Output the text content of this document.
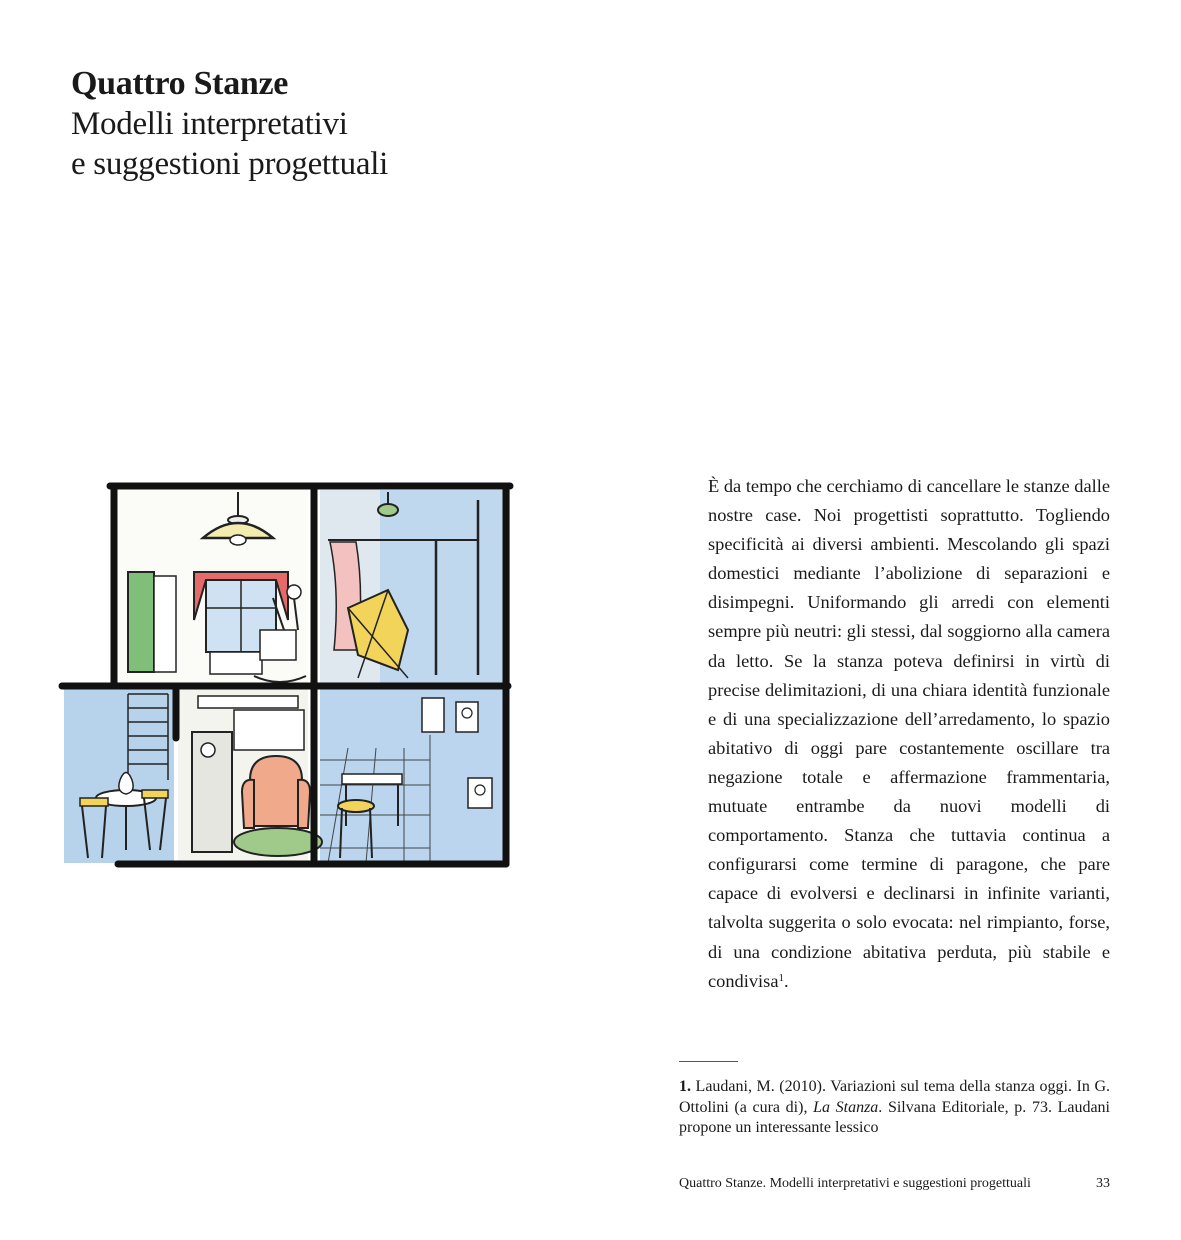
Quattro Stanze
Modelli interpretativi
e suggestioni progettuali

È da tempo che cerchiamo di cancellare le stanze dalle nostre case. Noi progettisti soprattutto. Togliendo specificità ai diversi ambienti. Mescolando gli spazi domestici mediante l’abolizione di separazioni e disimpegni. Uniformando gli arredi con elementi sempre più neutri: gli stessi, dal soggiorno alla camera da letto. Se la stanza poteva definirsi in virtù di precise delimitazioni, di una chiara identità funzionale e di una specializzazione dell’arredamento, lo spazio abitativo di oggi pare costantemente oscillare tra negazione totale e affermazione frammentaria, mutuate entrambe da nuovi modelli di comportamento. Stanza che tuttavia continua a configurarsi come termine di paragone, che pare capace di evolversi e declinarsi in infinite varianti, talvolta suggerita o solo evocata: nel rimpianto, forse, di una condizione abitativa perduta, più stabile e condivisa$^1$.

1. Laudani, M. (2010). Variazioni sul tema della stanza oggi. In G. Ottolini (a cura di), La Stanza. Silvana Editoriale, p. 73. Laudani propone un interessante lessico

Quattro Stanze. Modelli interpretativi e suggestioni progettuali	33
